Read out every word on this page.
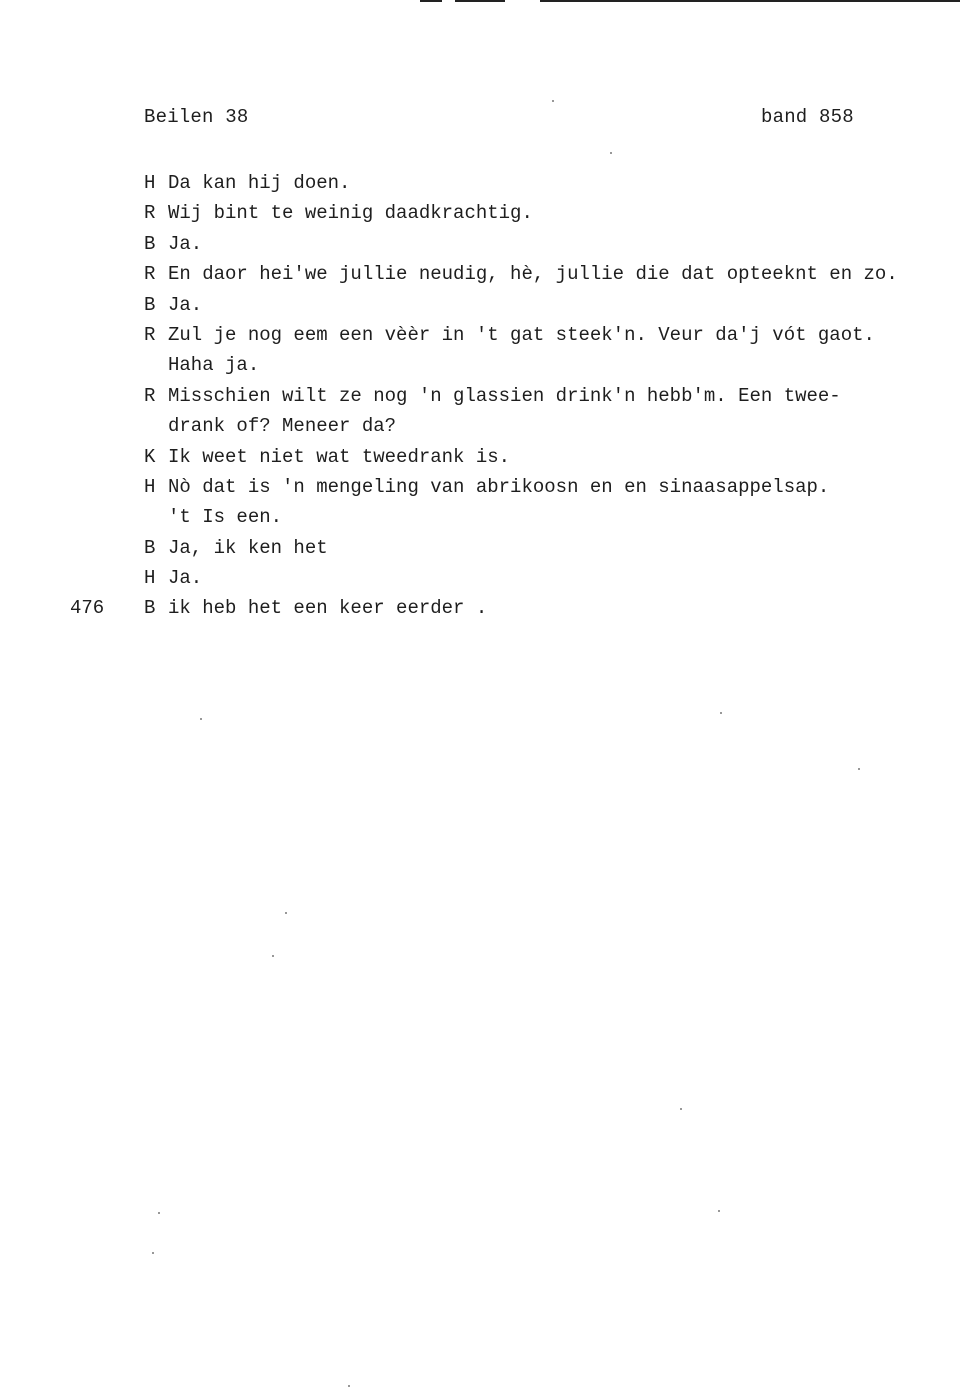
Beilen 38	band 858
H Da kan hij doen.
R Wij bint te weinig daadkrachtig.
B Ja.
R En daor hei'we jullie neudig, hè, jullie die dat opteeknt en zo.
B Ja.
R Zul je nog eem een vèèr in 't gat steek'n. Veur da'j vót gaot.
Haha ja.
R Misschien wilt ze nog 'n glassien drink'n hebb'm. Een twee-
drank of? Meneer da?
K Ik weet niet wat tweedrank is.
H Nò dat is 'n mengeling van abrikoosn en en sinaasappelsap.
't Is een.
B Ja, ik ken het
H Ja.
476 B ik heb het een keer eerder .
